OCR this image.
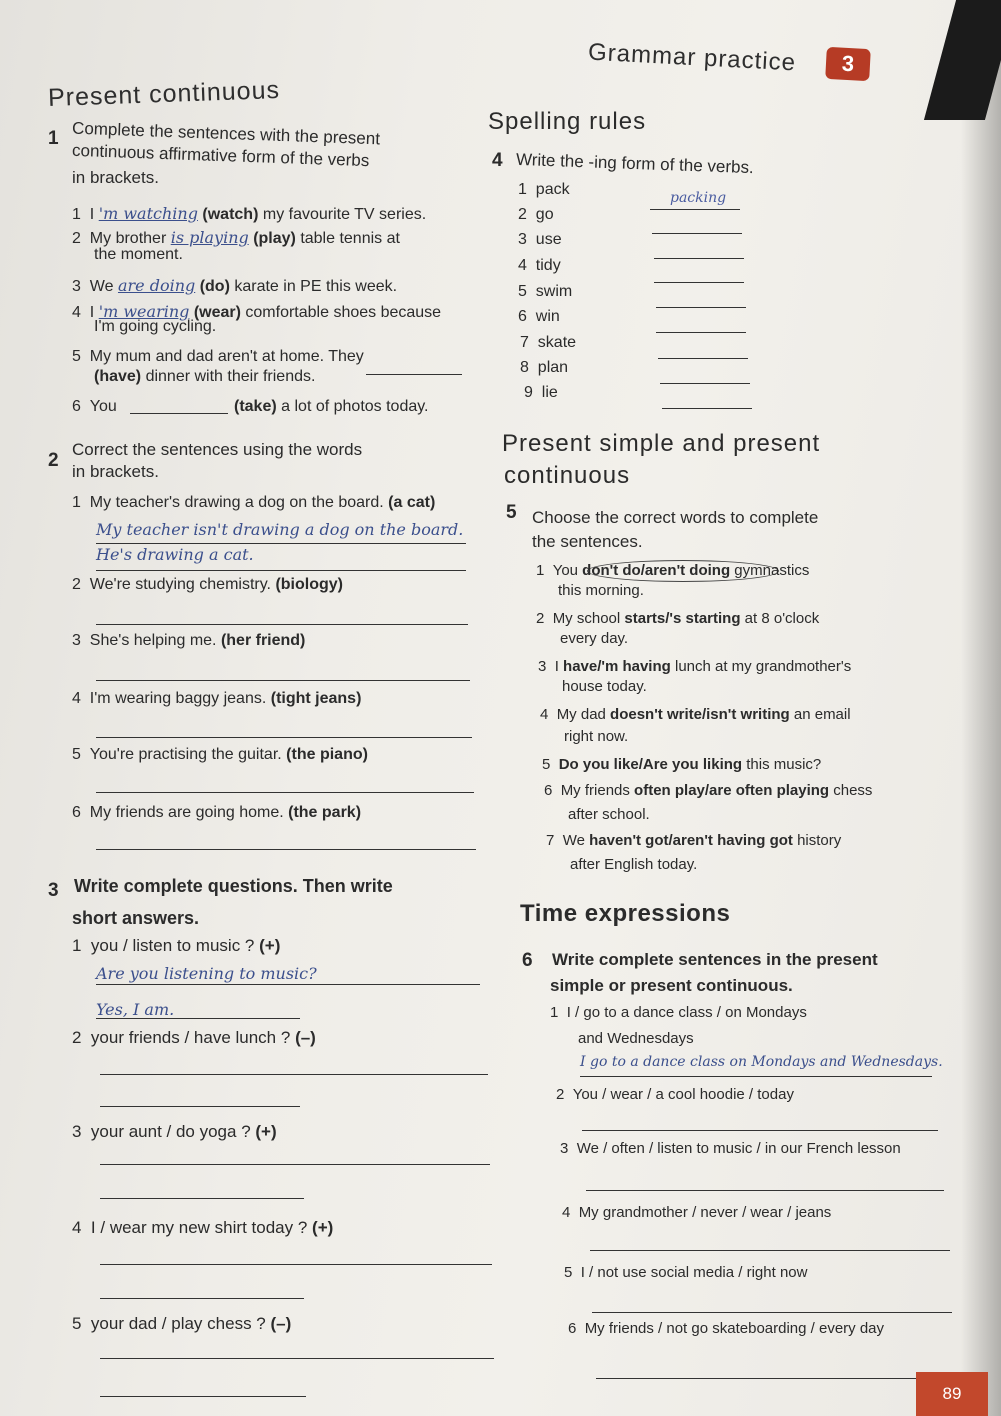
Present continuous
Grammar practice	3
1 Complete the sentences with the present
continuous affirmative form of the verbs
in brackets.
1 I 'm watching (watch) my favourite TV series.
2 My brother is playing (play) table tennis at
the moment.
3 We are doing (do) karate in PE this week.
4 I 'm wearing (wear) comfortable shoes because
I'm going cycling.
5 My mum and dad aren't at home. They
(have) dinner with their friends.
6 You	(take) a lot of photos today.
2
Correct the sentences using the words
in brackets.
1 My teacher's drawing a dog on the board. (a cat)
My teacher isn't drawing a dog on the board.
He's drawing a cat.
2 We're studying chemistry. (biology)
3 She's helping me. (her friend)
4 I'm wearing baggy jeans. (tight jeans)
5 You're practising the guitar. (the piano)
6 My friends are going home. (the park)
3 Write complete questions. Then write
short answers.
1 you / listen to music ? (+)
Are you listening to music?
Yes, I am.
2 your friends / have lunch ? (–)
3 your aunt / do yoga ? (+)
4 I / wear my new shirt today ? (+)
5 your dad / play chess ? (–)
Spelling rules
4 Write the -ing form of the verbs.
1 pack	packing
2 go
3 use
4 tidy
5 swim
6 win
7 skate
8 plan
9 lie
Present simple and present
continuous
5 Choose the correct words to complete
the sentences.
1 You don't do/aren't doing gymnastics
this morning.
2 My school starts/'s starting at 8 o'clock
every day.
3 I have/'m having lunch at my grandmother's
house today.
4 My dad doesn't write/isn't writing an email
right now.
5 Do you like/Are you liking this music?
6 My friends often play/are often playing chess
after school.
7 We haven't got/aren't having got history
after English today.
Time expressions
6 Write complete sentences in the present
simple or present continuous.
1 I / go to a dance class / on Mondays
and Wednesdays
I go to a dance class on Mondays and Wednesdays.
2 You / wear / a cool hoodie / today
3 We / often / listen to music / in our French lesson
4 My grandmother / never / wear / jeans
5 I / not use social media / right now
6 My friends / not go skateboarding / every day
89
